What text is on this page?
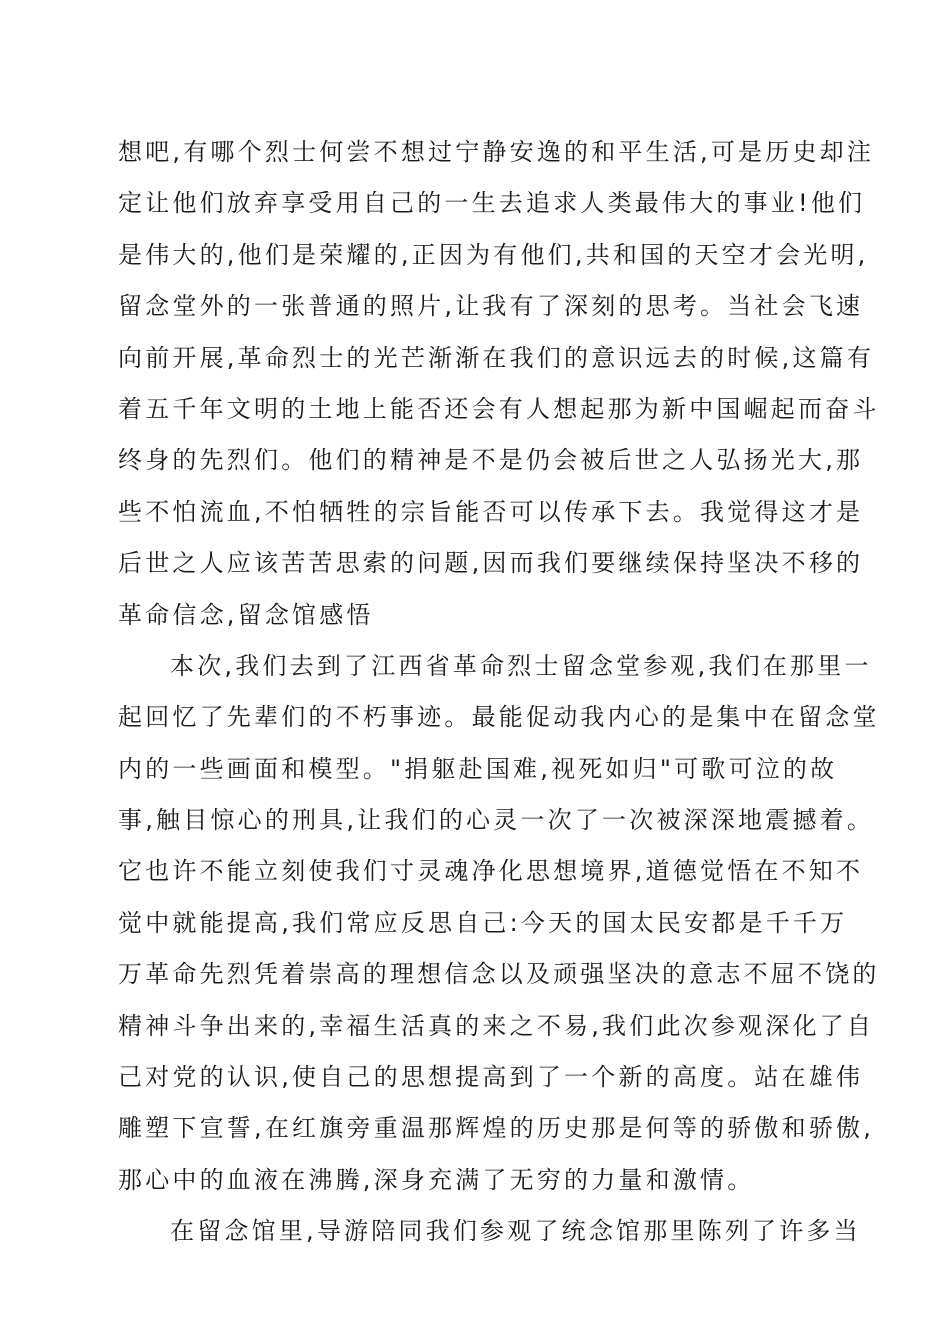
想吧,有哪个烈士何尝不想过宁静安逸的和平生活,可是历史却注
定让他们放弃享受用自己的一生去追求人类最伟大的事业!他们
是伟大的,他们是荣耀的,正因为有他们,共和国的天空才会光明,
留念堂外的一张普通的照片,让我有了深刻的思考。当社会飞速
向前开展,革命烈士的光芒渐渐在我们的意识远去的时候,这篇有
着五千年文明的土地上能否还会有人想起那为新中国崛起而奋斗
终身的先烈们。他们的精神是不是仍会被后世之人弘扬光大,那
些不怕流血,不怕牺牲的宗旨能否可以传承下去。我觉得这才是
后世之人应该苦苦思索的问题,因而我们要继续保持坚决不移的
革命信念,留念馆感悟
本次,我们去到了江西省革命烈士留念堂参观,我们在那里一
起回忆了先辈们的不朽事迹。最能促动我内心的是集中在留念堂
内的一些画面和模型。"捐躯赴国难,视死如归"可歌可泣的故
事,触目惊心的刑具,让我们的心灵一次了一次被深深地震撼着。
它也许不能立刻使我们寸灵魂净化思想境界,道德觉悟在不知不
觉中就能提高,我们常应反思自己:今天的国太民安都是千千万
万革命先烈凭着崇高的理想信念以及顽强坚决的意志不屈不饶的
精神斗争出来的,幸福生活真的来之不易,我们此次参观深化了自
己对党的认识,使自己的思想提高到了一个新的高度。站在雄伟
雕塑下宣誓,在红旗旁重温那辉煌的历史那是何等的骄傲和骄傲,
那心中的血液在沸腾,深身充满了无穷的力量和激情。
在留念馆里,导游陪同我们参观了统念馆那里陈列了许多当
